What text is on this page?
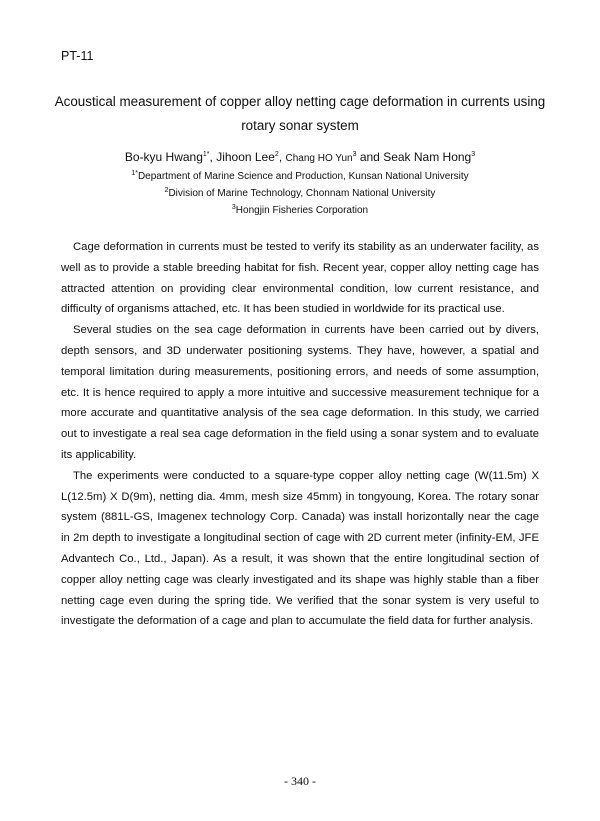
PT-11
Acoustical measurement of copper alloy netting cage deformation in currents using
rotary sonar system
Bo-kyu Hwang$^{1*}$, Jihoon Lee$^2$, Chang HO Yun$^3$ and Seak Nam Hong$^3$
$^{1*}$Department of Marine Science and Production, Kunsan National University
$^2$Division of Marine Technology, Chonnam National University
$^3$Hongjin Fisheries Corporation

Cage deformation in currents must be tested to verify its stability as an underwater facility, as well as to provide a stable breeding habitat for fish. Recent year, copper alloy netting cage has attracted attention on providing clear environmental condition, low current resistance, and difficulty of organisms attached, etc. It has been studied in worldwide for its practical use.

Several studies on the sea cage deformation in currents have been carried out by divers, depth sensors, and 3D underwater positioning systems. They have, however, a spatial and temporal limitation during measurements, positioning errors, and needs of some assumption, etc. It is hence required to apply a more intuitive and successive measurement technique for a more accurate and quantitative analysis of the sea cage deformation. In this study, we carried out to investigate a real sea cage deformation in the field using a sonar system and to evaluate its applicability.

The experiments were conducted to a square-type copper alloy netting cage (W(11.5m) X L(12.5m) X D(9m), netting dia. 4mm, mesh size 45mm) in tongyoung, Korea. The rotary sonar system (881L-GS, Imagenex technology Corp. Canada) was install horizontally near the cage in 2m depth to investigate a longitudinal section of cage with 2D current meter (infinity-EM, JFE Advantech Co., Ltd., Japan). As a result, it was shown that the entire longitudinal section of copper alloy netting cage was clearly investigated and its shape was highly stable than a fiber netting cage even during the spring tide. We verified that the sonar system is very useful to investigate the deformation of a cage and plan to accumulate the field data for further analysis.

- 340 -
